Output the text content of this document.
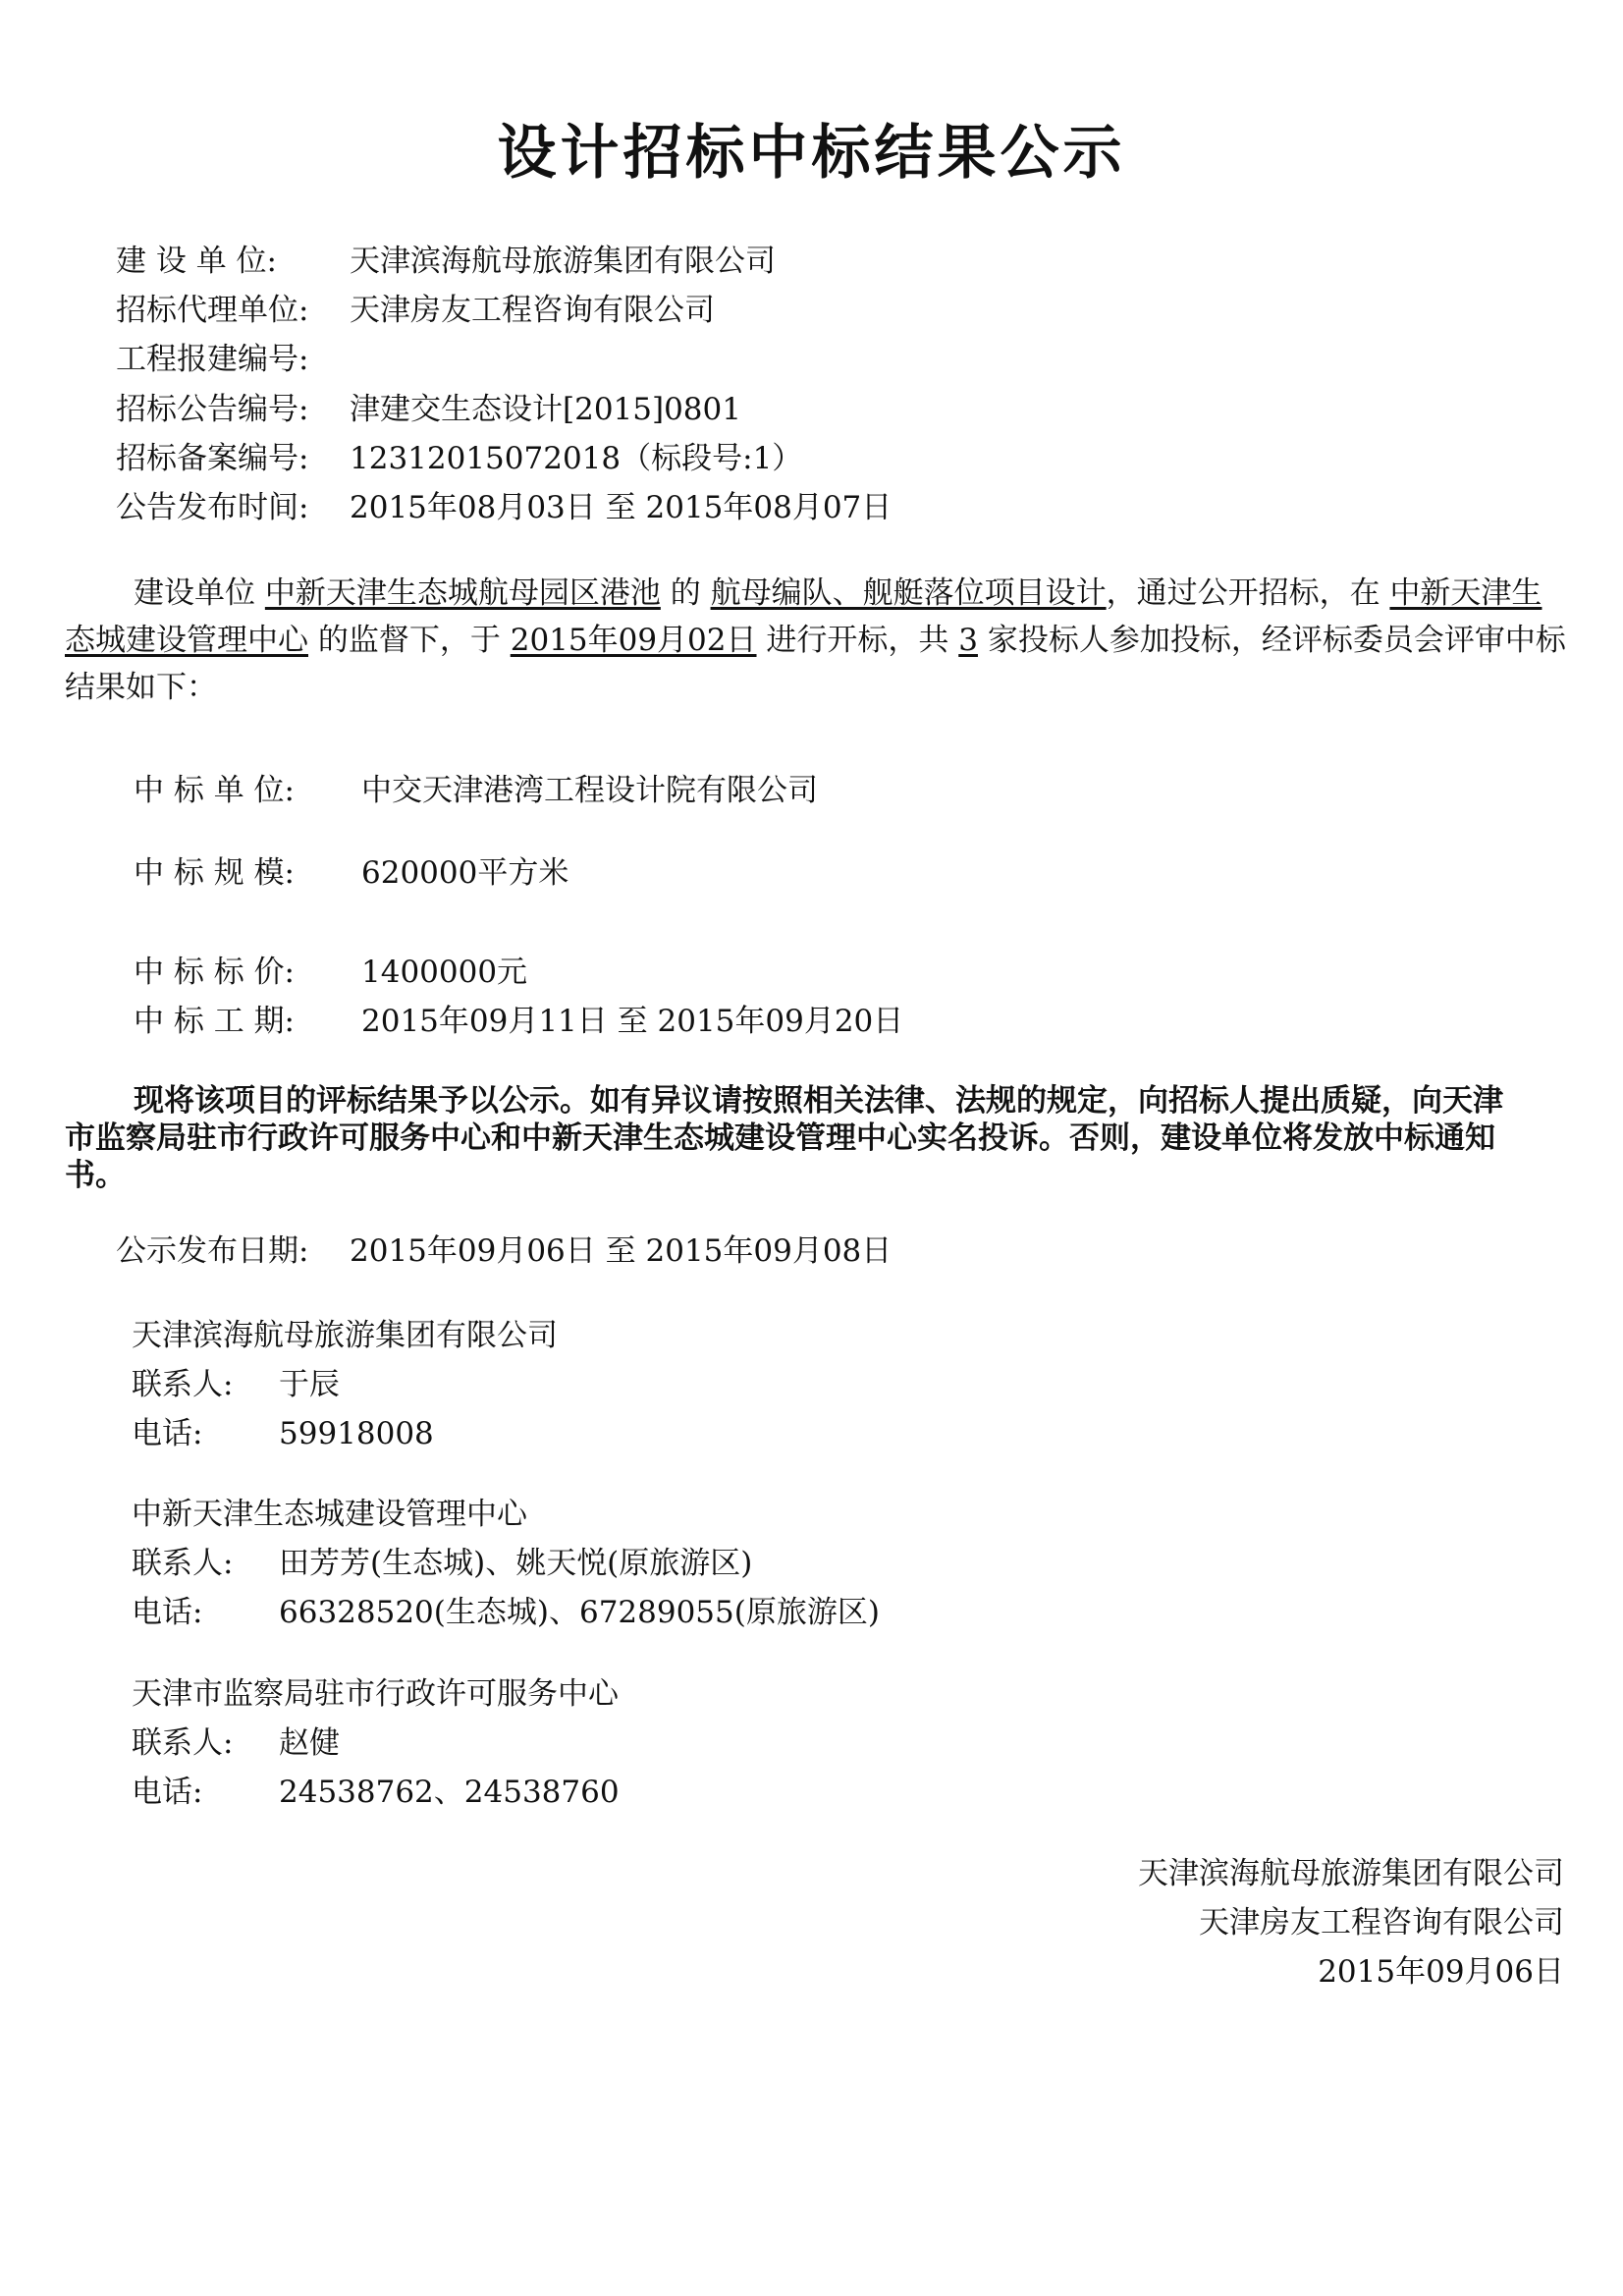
设计招标中标结果公示
建 设 单 位: 天津滨海航母旅游集团有限公司
招标代理单位: 天津房友工程咨询有限公司
工程报建编号:
招标公告编号: 津建交生态设计[2015]0801
招标备案编号: 12312015072018（标段号:1）
公告发布时间: 2015年08月03日 至 2015年08月07日
建设单位 中新天津生态城航母园区港池 的 航母编队、舰艇落位项目设计，通过公开招标，在 中新天津生态城建设管理中心 的监督下，于 2015年09月02日 进行开标，共 3 家投标人参加投标，经评标委员会评审中标结果如下：
中 标 单 位: 中交天津港湾工程设计院有限公司
中 标 规 模: 620000平方米
中 标 标 价: 1400000元
中 标 工 期: 2015年09月11日 至 2015年09月20日
现将该项目的评标结果予以公示。如有异议请按照相关法律、法规的规定，向招标人提出质疑，向天津市监察局驻市行政许可服务中心和中新天津生态城建设管理中心实名投诉。否则，建设单位将发放中标通知书。
公示发布日期: 2015年09月06日 至 2015年09月08日
天津滨海航母旅游集团有限公司
联系人: 于辰
电话:	59918008
中新天津生态城建设管理中心
联系人: 田芳芳(生态城)、姚天悦(原旅游区)
电话:	66328520(生态城)、67289055(原旅游区)
天津市监察局驻市行政许可服务中心
联系人: 赵健
电话:	24538762、24538760
天津滨海航母旅游集团有限公司
天津房友工程咨询有限公司
2015年09月06日
